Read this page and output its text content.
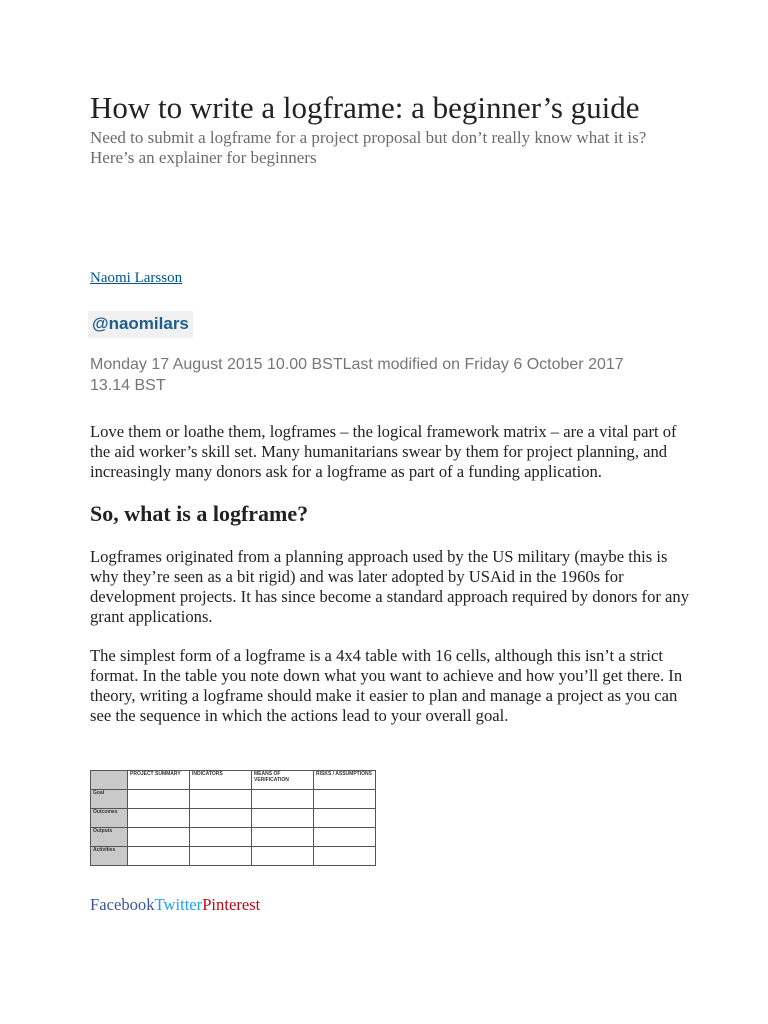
How to write a logframe: a beginner’s guide

Need to submit a logframe for a project proposal but don’t really know what it is? Here’s an explainer for beginners

Naomi Larsson
@naomilars
Monday 17 August 2015 10.00 BSTLast modified on Friday 6 October 2017 13.14 BST

Love them or loathe them, logframes – the logical framework matrix – are a vital part of the aid worker’s skill set. Many humanitarians swear by them for project planning, and increasingly many donors ask for a logframe as part of a funding application.

So, what is a logframe?

Logframes originated from a planning approach used by the US military (maybe this is why they’re seen as a bit rigid) and was later adopted by USAid in the 1960s for development projects. It has since become a standard approach required by donors for any grant applications.

The simplest form of a logframe is a 4x4 table with 16 cells, although this isn’t a strict format. In the table you note down what you want to achieve and how you’ll get there. In theory, writing a logframe should make it easier to plan and manage a project as you can see the sequence in which the actions lead to your overall goal.

	PROJECT SUMMARY	INDICATORS	MEANS OF VERIFICATION	RISKS / ASSUMPTIONS
Goal				
Outcomes				
Outputs				
Activities				
FacebookTwitterPinterest
